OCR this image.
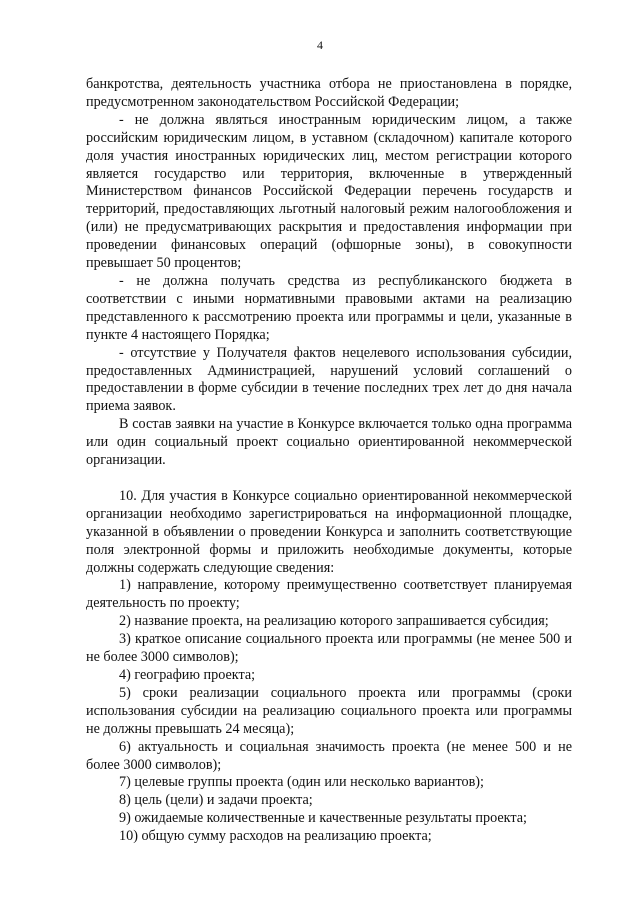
4

банкротства, деятельность участника отбора не приостановлена в порядке, предусмотренном законодательством Российской Федерации;

- не должна являться иностранным юридическим лицом, а также российским юридическим лицом, в уставном (складочном) капитале которого доля участия иностранных юридических лиц, местом регистрации которого является государство или территория, включенные в утвержденный Министерством финансов Российской Федерации перечень государств и территорий, предоставляющих льготный налоговый режим налогообложения и (или) не предусматривающих раскрытия и предоставления информации при проведении финансовых операций (офшорные зоны), в совокупности превышает 50 процентов;

- не должна получать средства из республиканского бюджета в соответствии с иными нормативными правовыми актами на реализацию представленного к рассмотрению проекта или программы и цели, указанные в пункте 4 настоящего Порядка;

- отсутствие у Получателя фактов нецелевого использования субсидии, предоставленных Администрацией, нарушений условий соглашений о предоставлении в форме субсидии в течение последних трех лет до дня начала приема заявок.

В состав заявки на участие в Конкурсе включается только одна программа или один социальный проект социально ориентированной некоммерческой организации.

10. Для участия в Конкурсе социально ориентированной некоммерческой организации необходимо зарегистрироваться на информационной площадке, указанной в объявлении о проведении Конкурса и заполнить соответствующие поля электронной формы и приложить необходимые документы, которые должны содержать следующие сведения:

1) направление, которому преимущественно соответствует планируемая деятельность по проекту;

2) название проекта, на реализацию которого запрашивается субсидия;

3) краткое описание социального проекта или программы (не менее 500 и не более 3000 символов);

4) географию проекта;

5) сроки реализации социального проекта или программы (сроки использования субсидии на реализацию социального проекта или программы не должны превышать 24 месяца);

6) актуальность и социальная значимость проекта (не менее 500 и не более 3000 символов);

7) целевые группы проекта (один или несколько вариантов);

8) цель (цели) и задачи проекта;

9) ожидаемые количественные и качественные результаты проекта;

10) общую сумму расходов на реализацию проекта;
